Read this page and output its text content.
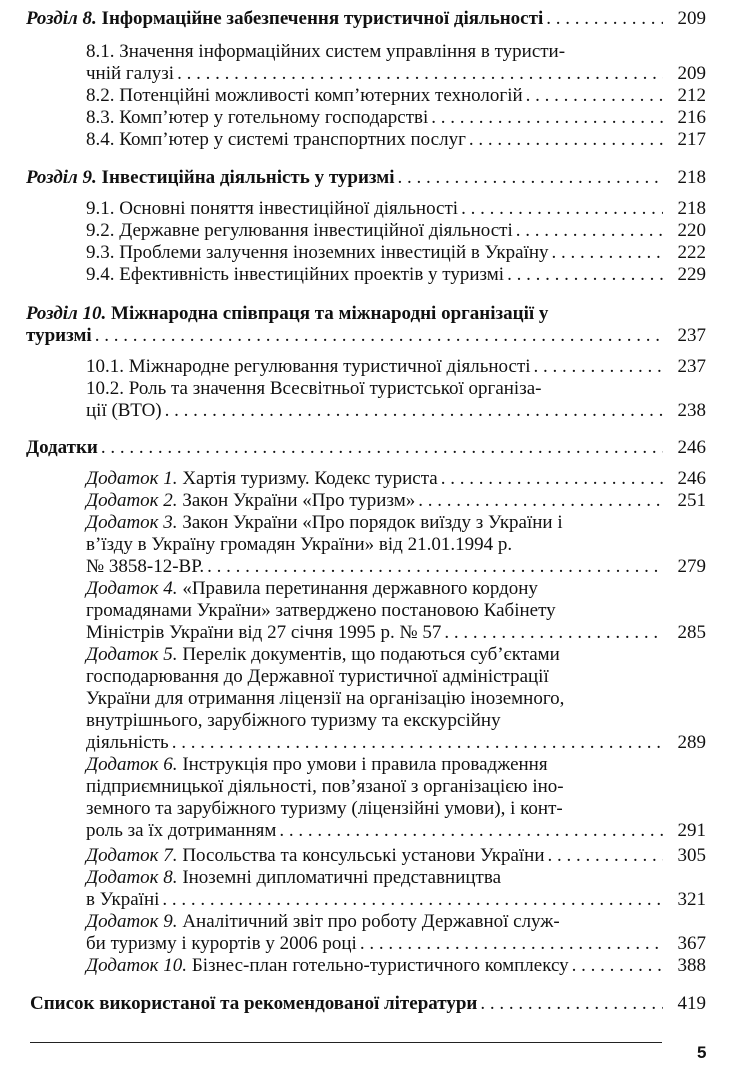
Розділ 8. Інформаційне забезпечення туристичної діяльності . . .	209
8.1. Значення інформаційних систем управління в туристи-
чній галузі . . .	209
8.2. Потенційні можливості комп’ютерних технологій . . .	212
8.3. Комп’ютер у готельному господарстві . . .	216
8.4. Комп’ютер у системі транспортних послуг . . .	217
Розділ 9. Інвестиційна діяльність у туризмі . . .	218
9.1. Основні поняття інвестиційної діяльності . . .	218
9.2. Державне регулювання інвестиційної діяльності . . .	220
9.3. Проблеми залучення іноземних інвестицій в Україну . . .	222
9.4. Ефективність інвестиційних проектів у туризмі . . .	229
Розділ 10. Міжнародна співпраця та міжнародні організації у
туризмі . . .	237
10.1. Міжнародне регулювання туристичної діяльності . . .	237
10.2. Роль та значення Всесвітньої туристської організа-
ції (ВТО) . . .	238
Додатки . . .	246
Додаток 1. Хартія туризму. Кодекс туриста . . .	246
Додаток 2. Закон України «Про туризм» . . .	251
Додаток 3. Закон України «Про порядок виїзду з України і
в’їзду в Україну громадян України» від 21.01.1994 р.
№ 3858-12-ВР. . . .	279
Додаток 4. «Правила перетинання державного кордону
громадянами України» затверджено постановою Кабінету
Міністрів України від 27 січня 1995 р. № 57 . . .	285
Додаток 5. Перелік документів, що подаються суб’єктами
господарювання до Державної туристичної адміністрації
України для отримання ліцензії на організацію іноземного,
внутрішнього, зарубіжного туризму та екскурсійну
діяльність . . .	289
Додаток 6. Інструкція про умови і правила провадження
підприємницької діяльності, пов’язаної з організацією іно-
земного та зарубіжного туризму (ліцензійні умови), і конт-
роль за їх дотриманням . . .	291
Додаток 7. Посольства та консульські установи України . . .	305
Додаток 8. Іноземні дипломатичні представництва
в Україні . . .	321
Додаток 9. Аналітичний звіт про роботу Державної служ-
би туризму і курортів у 2006 році . . .	367
Додаток 10. Бізнес-план готельно-туристичного комплексу . . .	388
Список використаної та рекомендованої літератури . . .	419
5
